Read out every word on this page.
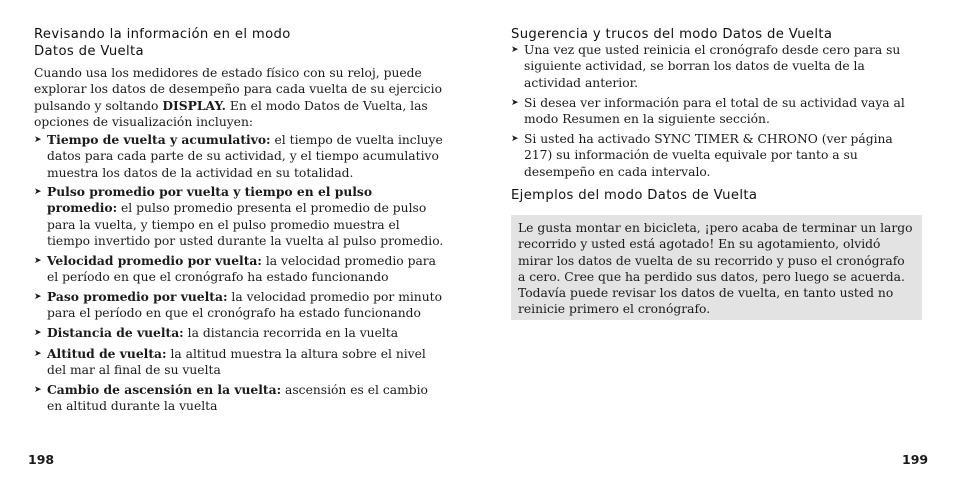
Revisando la información en el modo
Datos de Vuelta

Cuando usa los medidores de estado físico con su reloj, puede explorar los datos de desempeño para cada vuelta de su ejercicio pulsando y soltando DISPLAY. En el modo Datos de Vuelta, las opciones de visualización incluyen:

➤ Tiempo de vuelta y acumulativo: el tiempo de vuelta incluye datos para cada parte de su actividad, y el tiempo acumulativo muestra los datos de la actividad en su totalidad.
➤ Pulso promedio por vuelta y tiempo en el pulso promedio: el pulso promedio presenta el promedio de pulso para la vuelta, y tiempo en el pulso promedio muestra el tiempo invertido por usted durante la vuelta al pulso promedio.
➤ Velocidad promedio por vuelta: la velocidad promedio para el período en que el cronógrafo ha estado funcionando
➤ Paso promedio por vuelta: la velocidad promedio por minuto para el período en que el cronógrafo ha estado funcionando
➤ Distancia de vuelta: la distancia recorrida en la vuelta
➤ Altitud de vuelta: la altitud muestra la altura sobre el nivel del mar al final de su vuelta
➤ Cambio de ascensión en la vuelta: ascensión es el cambio en altitud durante la vuelta
198
Sugerencia y trucos del modo Datos de Vuelta
➤ Una vez que usted reinicia el cronógrafo desde cero para su siguiente actividad, se borran los datos de vuelta de la actividad anterior.
➤ Si desea ver información para el total de su actividad vaya al modo Resumen en la siguiente sección.
➤ Si usted ha activado SYNC TIMER & CHRONO (ver página 217) su información de vuelta equivale por tanto a su desempeño en cada intervalo.
Ejemplos del modo Datos de Vuelta

Le gusta montar en bicicleta, ¡pero acaba de terminar un largo recorrido y usted está agotado! En su agotamiento, olvidó mirar los datos de vuelta de su recorrido y puso el cronógrafo a cero. Cree que ha perdido sus datos, pero luego se acuerda. Todavía puede revisar los datos de vuelta, en tanto usted no reinicie primero el cronógrafo.

199
